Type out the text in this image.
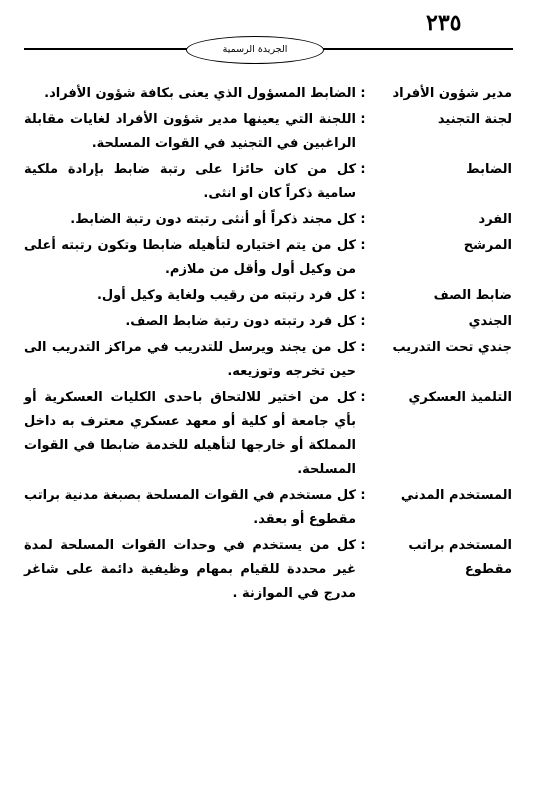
٢٣٥
الجريدة الرسمية
مدير شؤون الأفراد
:
الضابط المسؤول الذي يعنى بكافة شؤون الأفراد.
لجنة التجنيد
:
اللجنة التي يعينها مدير شؤون الأفراد لغايات مقابلة الراغبين في التجنيد في القوات المسلحة.
الضابط
:
كل من كان حائزا على رتبة ضابط بإرادة ملكية سامية ذكراً كان او انثى.
الفرد
:
كل مجند ذكراً أو أنثى رتبته دون رتبة الضابط.
المرشح
:
كل من يتم اختياره لتأهيله ضابطا وتكون رتبته أعلى من وكيل أول وأقل من ملازم.
ضابط الصف
:
كل فرد رتبته من رقيب ولغاية وكيل أول.
الجندي
:
كل فرد رتبته دون رتبة ضابط الصف.
جندي تحت التدريب
:
كل من يجند ويرسل للتدريب في مراكز التدريب الى حين تخرجه وتوزيعه.
التلميذ العسكري
:
كل من اختير للالتحاق باحدى الكليات العسكرية أو بأي جامعة أو كلية أو معهد عسكري معترف به داخل المملكة أو خارجها لتأهيله للخدمة ضابطا في القوات المسلحة.
المستخدم المدني
:
كل مستخدم في القوات المسلحة بصبغة مدنية براتب مقطوع أو بعقد.
المستخدم براتب مقطوع
:
كل من يستخدم في وحدات القوات المسلحة لمدة غير محددة للقيام بمهام وظيفية دائمة على شاغر مدرج في الموازنة .
